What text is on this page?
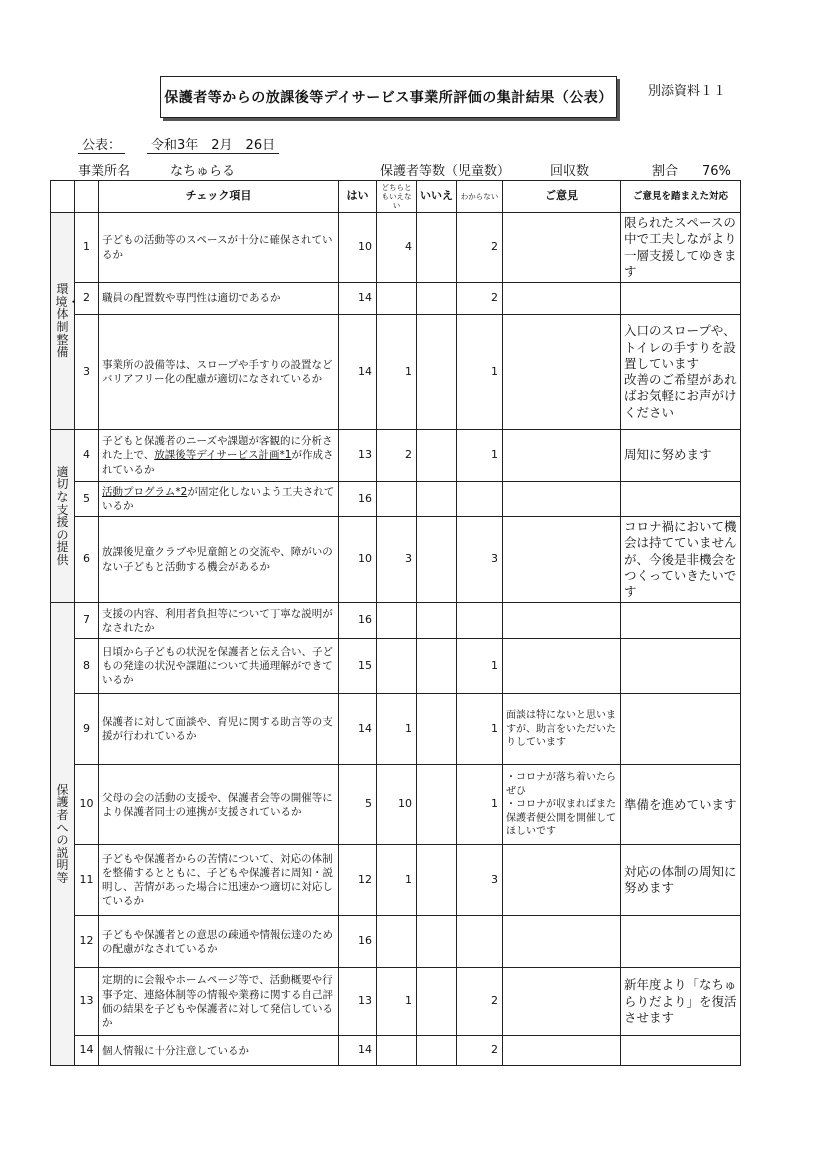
保護者等からの放課後等デイサービス事業所評価の集計結果（公表）	別添資料１１
公表：	令和3年　2月　26日
事業所名	なちゅらる	保護者等数（児童数）	回収数	割合	76%
		チェック項目	はい	どちらともいえない	いいえ	わからない	ご意見	ご意見を踏まえた対応
環境・体制整備	1	子どもの活動等のスペースが十分に確保されているか	10	4		2		限られたスペースの中で工夫しながより一層支援してゆきます
	2	職員の配置数や専門性は適切であるか	14			2		
	3	事業所の設備等は、スロープや手すりの設置などバリアフリー化の配慮が適切になされているか	14	1		1		入口のスロープや、トイレの手すりを設置しています
改善のご希望があればお気軽にお声がけください
適切な支援の提供	4	子どもと保護者のニーズや課題が客観的に分析された上で、放課後等デイサービス計画*1が作成されているか	13	2		1		周知に努めます
	5	活動プログラム*2が固定化しないよう工夫されているか	16					
	6	放課後児童クラブや児童館との交流や、障がいのない子どもと活動する機会があるか	10	3		3		コロナ禍において機会は持てていませんが、今後是非機会をつくっていきたいです
保護者への説明等	7	支援の内容、利用者負担等について丁寧な説明がなされたか	16					
	8	日頃から子どもの状況を保護者と伝え合い、子どもの発達の状況や課題について共通理解ができているか	15			1		
	9	保護者に対して面談や、育児に関する助言等の支援が行われているか	14	1		1	面談は特にないと思いますが、助言をいただいたりしています	
	10	父母の会の活動の支援や、保護者会等の開催等により保護者同士の連携が支援されているか	5	10		1	・コロナが落ち着いたらぜひ
・コロナが収まればまた保護者便公開を開催してほしいです	準備を進めています
	11	子どもや保護者からの苦情について、対応の体制を整備するとともに、子どもや保護者に周知・説明し、苦情があった場合に迅速かつ適切に対応しているか	12	1		3		対応の体制の周知に努めます
	12	子どもや保護者との意思の疎通や情報伝達のための配慮がなされているか	16					
	13	定期的に会報やホームページ等で、活動概要や行事予定、連絡体制等の情報や業務に関する自己評価の結果を子どもや保護者に対して発信しているか	13	1		2		新年度より「なちゅらりだより」を復活させます
	14	個人情報に十分注意しているか	14			2		
